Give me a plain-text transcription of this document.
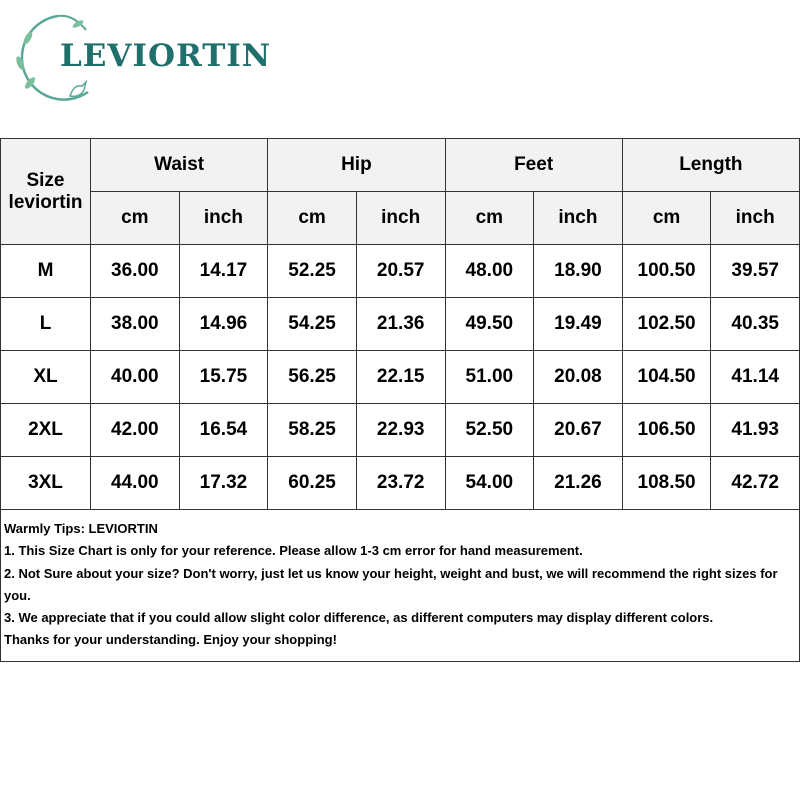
LEVIORTIN
Size
leviortin	Waist		Hip		Feet		Length	
	cm	inch	cm	inch	cm	inch	cm	inch
M	36.00	14.17	52.25	20.57	48.00	18.90	100.50	39.57
L	38.00	14.96	54.25	21.36	49.50	19.49	102.50	40.35
XL	40.00	15.75	56.25	22.15	51.00	20.08	104.50	41.14
2XL	42.00	16.54	58.25	22.93	52.50	20.67	106.50	41.93
3XL	44.00	17.32	60.25	23.72	54.00	21.26	108.50	42.72
Warmly Tips: LEVIORTIN
1. This Size Chart is only for your reference. Please allow 1-3 cm error for hand measurement.
2. Not Sure about your size? Don't worry, just let us know your height, weight and bust, we will recommend the right sizes for you.
3. We appreciate that if you could allow slight color difference, as different computers may display different colors.
Thanks for your understanding. Enjoy your shopping!
